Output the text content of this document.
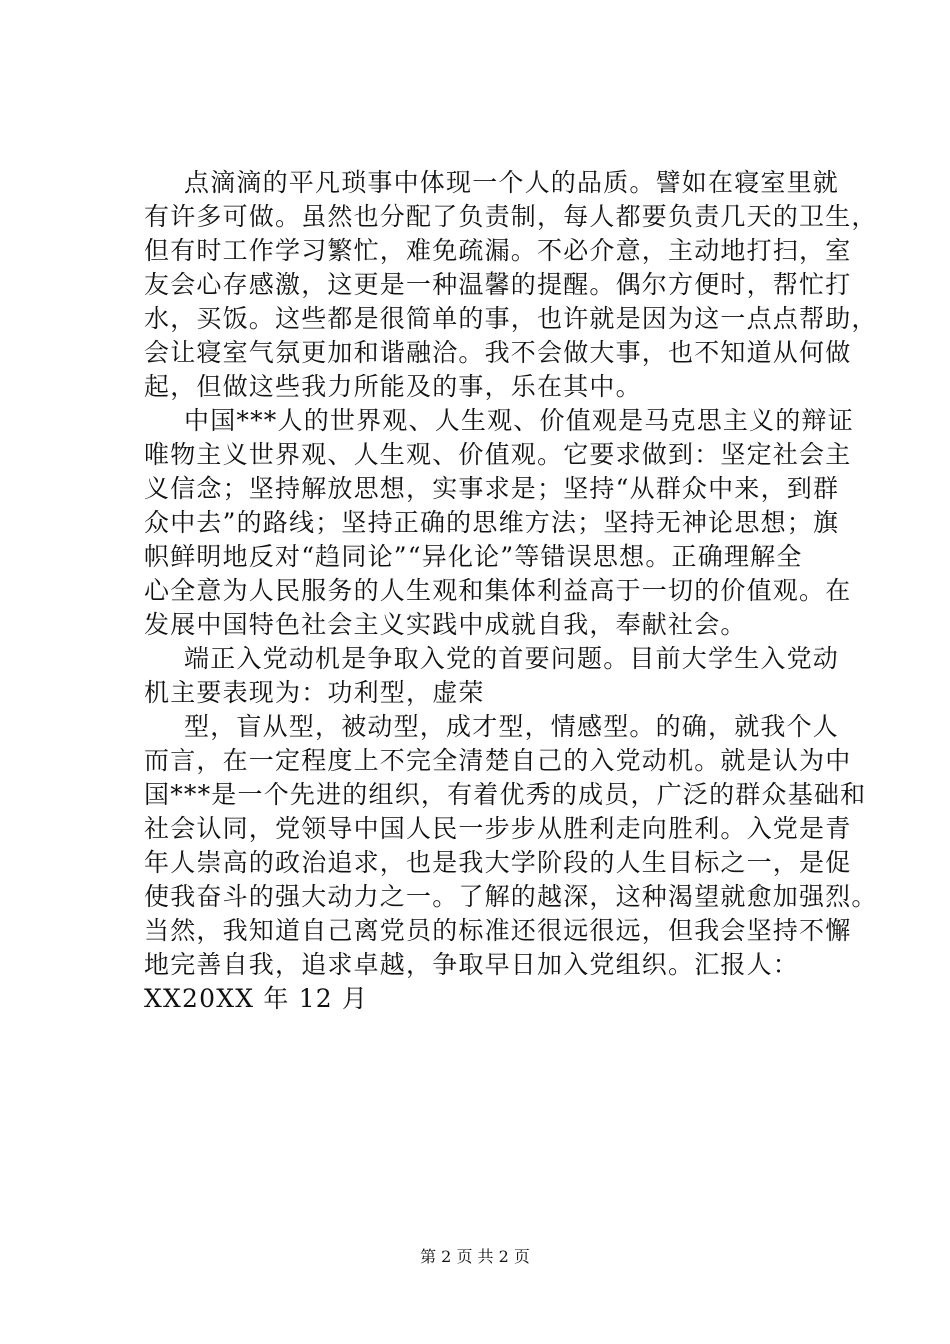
点滴滴的平凡琐事中体现一个人的品质。譬如在寝室里就
有许多可做。虽然也分配了负责制，每人都要负责几天的卫生，
但有时工作学习繁忙，难免疏漏。不必介意，主动地打扫，室
友会心存感激，这更是一种温馨的提醒。偶尔方便时，帮忙打
水，买饭。这些都是很简单的事，也许就是因为这一点点帮助，
会让寝室气氛更加和谐融洽。我不会做大事，也不知道从何做
起，但做这些我力所能及的事，乐在其中。
中国***人的世界观、人生观、价值观是马克思主义的辩证
唯物主义世界观、人生观、价值观。它要求做到：坚定社会主
义信念；坚持解放思想，实事求是；坚持“从群众中来，到群
众中去”的路线；坚持正确的思维方法；坚持无神论思想；旗
帜鲜明地反对“趋同论”“异化论”等错误思想。正确理解全
心全意为人民服务的人生观和集体利益高于一切的价值观。在
发展中国特色社会主义实践中成就自我，奉献社会。
端正入党动机是争取入党的首要问题。目前大学生入党动
机主要表现为：功利型，虚荣
型，盲从型，被动型，成才型，情感型。的确，就我个人
而言，在一定程度上不完全清楚自己的入党动机。就是认为中
国***是一个先进的组织，有着优秀的成员，广泛的群众基础和
社会认同，党领导中国人民一步步从胜利走向胜利。入党是青
年人崇高的政治追求，也是我大学阶段的人生目标之一，是促
使我奋斗的强大动力之一。了解的越深，这种渴望就愈加强烈。
当然，我知道自己离党员的标准还很远很远，但我会坚持不懈
地完善自我，追求卓越，争取早日加入党组织。汇报人：
XX20XX 年 12 月
第 2 页 共 2 页
